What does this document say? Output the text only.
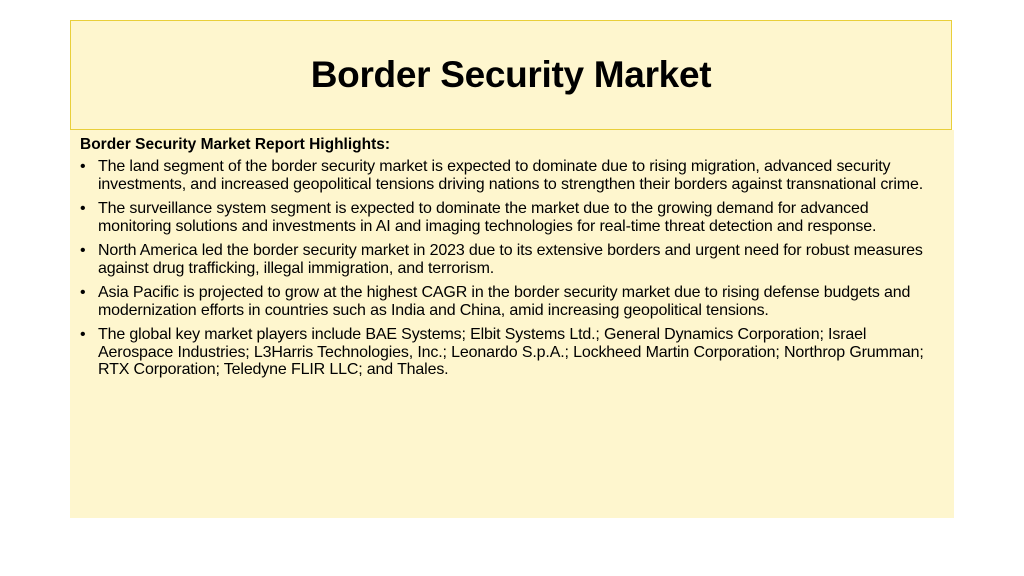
Border Security Market

Border Security Market Report Highlights:

• The land segment of the border security market is expected to dominate due to rising migration, advanced security investments, and increased geopolitical tensions driving nations to strengthen their borders against transnational crime.
• The surveillance system segment is expected to dominate the market due to the growing demand for advanced monitoring solutions and investments in AI and imaging technologies for real-time threat detection and response.
• North America led the border security market in 2023 due to its extensive borders and urgent need for robust measures against drug trafficking, illegal immigration, and terrorism.
• Asia Pacific is projected to grow at the highest CAGR in the border security market due to rising defense budgets and modernization efforts in countries such as India and China, amid increasing geopolitical tensions.
• The global key market players include BAE Systems; Elbit Systems Ltd.; General Dynamics Corporation; Israel Aerospace Industries; L3Harris Technologies, Inc.; Leonardo S.p.A.; Lockheed Martin Corporation; Northrop Grumman; RTX Corporation; Teledyne FLIR LLC; and Thales.
